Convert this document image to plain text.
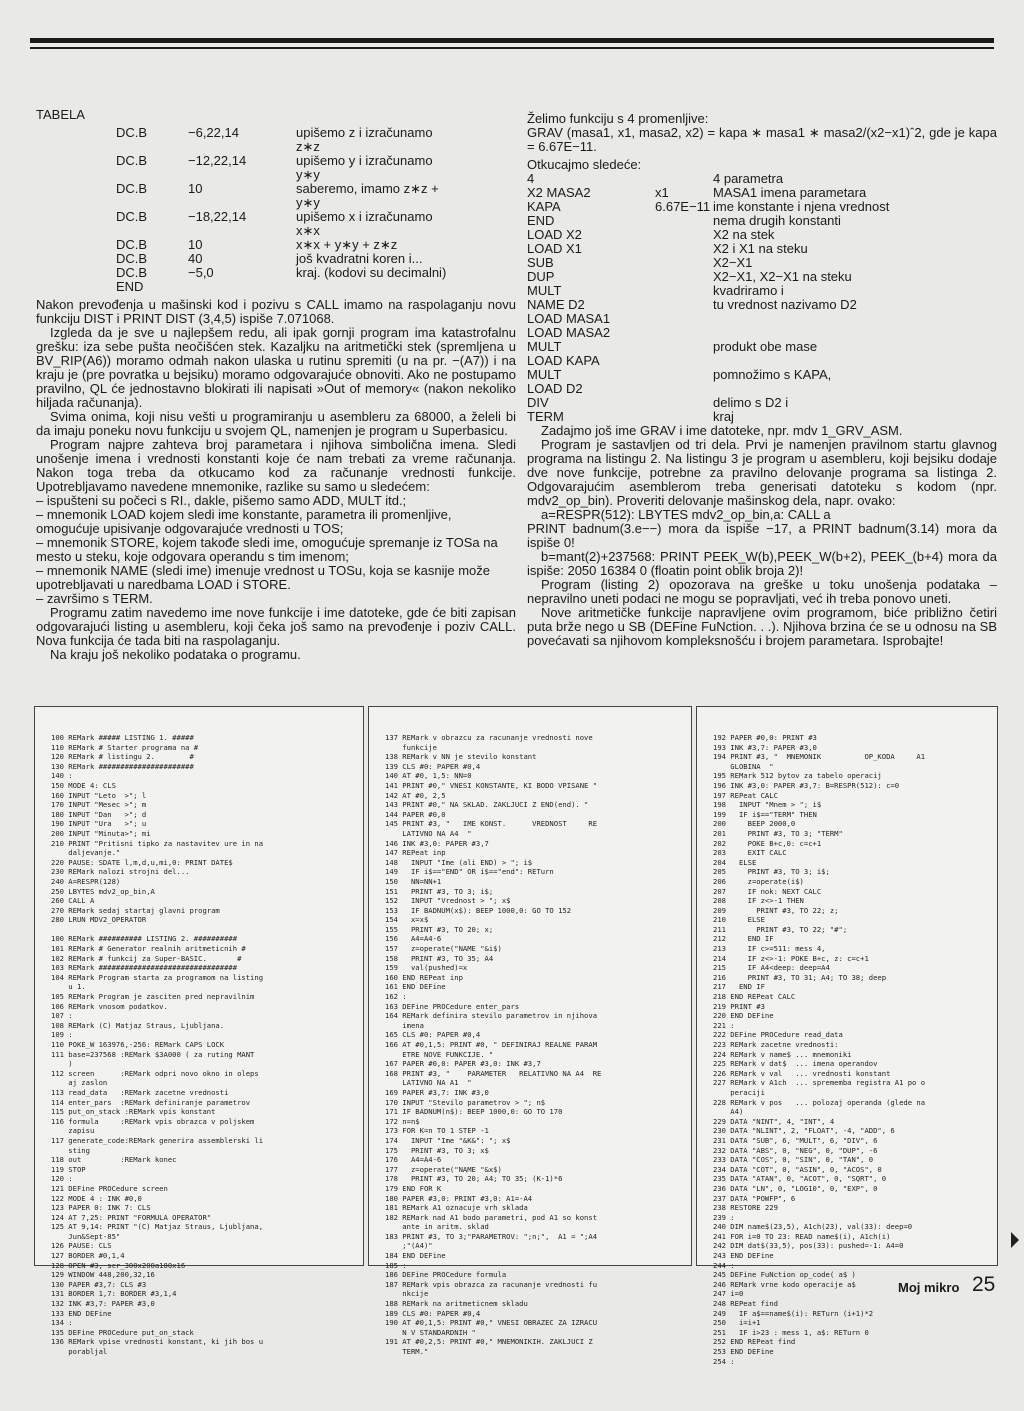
TABELA
DC.B	−6,22,14	upišemo z i izračunamo
z∗z
DC.B	−12,22,14	upišemo y i izračunamo
y∗y
DC.B	10	saberemo, imamo z∗z +
y∗y
DC.B	−18,22,14	upišemo x i izračunamo
x∗x
DC.B	10	x∗x + y∗y + z∗z
DC.B	40	još kvadratni koren i...
DC.B	−5,0	kraj. (kodovi su decimalni)
END

Nakon prevođenja u mašinski kod i pozivu s CALL imamo na raspolaganju novu funkciju DIST i PRINT DIST (3,4,5) ispiše 7.071068.

Izgleda da je sve u najlepšem redu, ali ipak gornji program ima katastrofalnu grešku: iza sebe pušta neočišćen stek. Kazaljku na aritmetički stek (spremljena u BV_RIP(A6)) moramo odmah nakon ulaska u rutinu spremiti (u na pr. −(A7)) i na kraju je (pre povratka u bejsiku) moramo odgovarajuće obnoviti. Ako ne postupamo pravilno, QL će jednostavno blokirati ili napisati »Out of memory« (nakon nekoliko hiljada računanja).

Svima onima, koji nisu vešti u programiranju u asembleru za 68000, a želeli bi da imaju poneku novu funkciju u svojem QL, namenjen je program u Superbasicu.

Program najpre zahteva broj parametara i njihova simbolična imena. Sledi unošenje imena i vrednosti konstanti koje će nam trebati za vreme računanja. Nakon toga treba da otkucamo kod za računanje vrednosti funkcije. Upotrebljavamo navedene mnemonike, razlike su samo u sledećem:

– ispušteni su počeci s RI., dakle, pišemo samo ADD, MULT itd.;
– mnemonik LOAD kojem sledi ime konstante, parametra ili promenljive, omogućuje upisivanje odgovarajuće vrednosti u TOS;
– mnemonik STORE, kojem takođe sledi ime, omogućuje spremanje iz TOSa na mesto u steku, koje odgovara operandu s tim imenom;
– mnemonik NAME (sledi ime) imenuje vrednost u TOSu, koja se kasnije može upotrebljavati u naredbama LOAD i STORE.
– završimo s TERM.

Programu zatim navedemo ime nove funkcije i ime datoteke, gde će biti zapisan odgovarajući listing u asembleru, koji čeka još samo na prevođenje i poziv CALL. Nova funkcija će tada biti na raspolaganju.

Na kraju još nekoliko podataka o programu.

Želimo funkciju s 4 promenljive:

GRAV (masa1, x1, masa2, x2) = kapa ∗ masa1 ∗ masa2/(x2−x1)ˆ2, gde je kapa = 6.67E−11.

Otkucajmo sledeće:

4	4 parametra
X2 MASA2	x1	MASA1 imena parametara
KAPA	6.67E−11 ime konstante i njena vrednost
END	nema drugih konstanti
LOAD X2	X2 na stek
LOAD X1	X2 i X1 na steku
SUB	X2−X1
DUP	X2−X1, X2−X1 na steku
MULT	kvadriramo i
NAME D2	tu vrednost nazivamo D2
LOAD MASA1
LOAD MASA2
MULT	produkt obe mase
LOAD KAPA
MULT	pomnožimo s KAPA,
LOAD D2
DIV	delimo s D2 i
TERM	kraj

Zadajmo još ime GRAV i ime datoteke, npr. mdv 1_GRV_ASM.

Program je sastavljen od tri dela. Prvi je namenjen pravilnom startu glavnog programa na listingu 2. Na listingu 3 je program u asembleru, koji bejsiku dodaje dve nove funkcije, potrebne za pravilno delovanje programa sa listinga 2. Odgovarajućim asemblerom treba generisati datoteku s kodom (npr. mdv2_op_bin). Proveriti delovanje mašinskog dela, napr. ovako:

a=RESPR(512): LBYTES mdv2_op_bin,a: CALL a

PRINT badnum(3.e−−) mora da ispiše −17, a PRINT badnum(3.14) mora da ispiše 0!

b=mant(2)+237568: PRINT PEEK_W(b),PEEK_W(b+2), PEEK_(b+4) mora da ispiše: 2050 16384 0 (floatin point oblik broja 2)!

Program (listing 2) opozorava na greške u toku unošenja podataka – nepravilno uneti podaci ne mogu se popravljati, već ih treba ponovo uneti.

Nove aritmetičke funkcije napravljene ovim programom, biće približno četiri puta brže nego u SB (DEFine FuNction. . .). Njihova brzina će se u odnosu na SB povećavati sa njihovom kompleksnošću i brojem parametara. Isprobajte!

100 REMark ##### LISTING 1. #####
110 REMark # Starter programa na #
120 REMark # listingu 2.        #
130 REMark ######################
140 :
150 MODE 4: CLS
160 INPUT "Leto  >"; l
170 INPUT "Mesec >"; m
180 INPUT "Dan   >"; d
190 INPUT "Ura   >"; u
200 INPUT "Minuta>"; mi
210 PRINT "Pritisni tipko za nastavitev ure in na
daljevanje."
220 PAUSE: SDATE l,m,d,u,mi,0: PRINT DATE$
230 REMark nalozi strojni del...
240 A=RESPR(128)
250 LBYTES mdv2_op_bin,A
260 CALL A
270 REMark sedaj startaj glavni program
280 LRUN MDV2_OPERATOR

100 REMark ########## LISTING 2. ##########
101 REMark # Generator realnih aritmeticnih #
102 REMark # funkcij za Super-BASIC.       #
103 REMark ################################
104 REMark Program starta za programom na listing
u 1.
105 REMark Program je zasciten pred nepravilnim
106 REMark vnosom podatkov.
107 :
108 REMark (C) Matjaz Straus, Ljubljana.
109 :
110 POKE_W 163976,-256: REMark CAPS LOCK
111 base=237568 :REMark $3A000 ( za ruting MANT
)
112 screen      :REMark odpri novo okno in oleps
aj zaslon
113 read_data   :REMark zacetne vrednosti
114 enter_pars  :REMark definiranje parametrov
115 put_on_stack :REMark vpis konstant
116 formula     :REMark vpis obrazca v poljskem
zapisu
117 generate_code:REMark generira assemblerski li
sting
118 out         :REMark konec
119 STOP
120 :
121 DEFine PROCedure screen
122 MODE 4 : INK #0,0
123 PAPER 0: INK 7: CLS
124 AT 7,25: PRINT "FORMULA OPERATOR"
125 AT 9,14: PRINT "(C) Matjaz Straus, Ljubljana,
Jun&Sept-85"
126 PAUSE: CLS
127 BORDER #0,1,4
128 OPEN #3, scr_300x200a180x16
129 WINDOW 448,200,32,16
130 PAPER #3,7: CLS #3
131 BORDER 1,7: BORDER #3,1,4
132 INK #3,7: PAPER #3,0
133 END DEFine
134 :
135 DEFine PROCedure put_on_stack
136 REMark vpise vrednosti konstant, ki jih bos u
porabljal
137 REMark v obrazcu za racunanje vrednosti nove
funkcije
138 REMark v NN je stevilo konstant
139 CLS #0: PAPER #0,4
140 AT #0, 1,5: NN=0
141 PRINT #0," VNESI KONSTANTE, KI BODO VPISANE "
142 AT #0, 2,5
143 PRINT #0," NA SKLAD. ZAKLJUCI Z END(end). "
144 PAPER #0,0
145 PRINT #3, "   IME KONST.      VREDNOST     RE
LATIVNO NA A4  "
146 INK #3,0: PAPER #3,7
147 REPeat inp
148   INPUT "Ime (ali END) > "; i$
149   IF i$=="END" OR i$=="end": RETurn
150   NN=NN+1
151   PRINT #3, TO 3; i$;
152   INPUT "Vrednost > "; x$
153   IF BADNUM(x$): BEEP 1000,0: GO TO 152
154   x=x$
155   PRINT #3, TO 20; x;
156   A4=A4-6
157   z=operate("NAME "&i$)
158   PRINT #3, TO 35; A4
159   val(pushed)=x
160 END REPeat inp
161 END DEFine
162 :
163 DEFine PROCedure enter_pars
164 REMark definira stevilo parametrov in njihova
imena
165 CLS #0: PAPER #0,4
166 AT #0,1,5: PRINT #0, " DEFINIRAJ REALNE PARAM
ETRE NOVE FUNKCIJE. "
167 PAPER #0,0: PAPER #3,0: INK #3,7
168 PRINT #3, "    PARAMETER   RELATIVNO NA A4  RE
LATIVNO NA A1  "
169 PAPER #3,7: INK #3,0
170 INPUT "Stevilo parametrov > "; n$
171 IF BADNUM(n$): BEEP 1000,0: GO TO 170
172 n=n$
173 FOR K=n TO 1 STEP -1
174   INPUT "Ime "&K&": "; x$
175   PRINT #3, TO 3; x$
176   A4=A4-6
177   z=operate("NAME "&x$)
178   PRINT #3, TO 20; A4; TO 35; (K-1)*6
179 END FOR K
180 PAPER #3,0: PRINT #3,0: A1=-A4
181 REMark A1 oznacuje vrh sklada
182 REMark nad A1 bodo parametri, pod A1 so konst
ante in aritm. sklad
183 PRINT #3, TO 3;"PARAMETROV: ";n;",  A1 = ";A4
;"(A4)"
184 END DEFine
185 :
186 DEFine PROCedure formula
187 REMark vpis obrazca za racunanje vrednosti fu
nkcije
188 REMark na aritmeticnem skladu
189 CLS #0: PAPER #0,4
190 AT #0,1,5: PRINT #0," VNESI OBRAZEC ZA IZRACU
N V STANDARDNIH "
191 AT #0,2,5: PRINT #0," MNEMONIKIH. ZAKLJUCI Z
TERM."
192 PAPER #0,0: PRINT #3
193 INK #3,7: PAPER #3,0
194 PRINT #3, "  MNEMONIK          OP_KODA     A1
GLOBINA  "
195 REMark 512 bytov za tabelo operacij
196 INK #3,0: PAPER #3,7: B=RESPR(512): c=0
197 REPeat CALC
198   INPUT "Mnem > "; i$
199   IF i$=="TERM" THEN
200     BEEP 2000,0
201     PRINT #3, TO 3; "TERM"
202     POKE B+c,0: c=c+1
203     EXIT CALC
204   ELSE
205     PRINT #3, TO 3; i$;
206     z=operate(i$)
207     IF nok: NEXT CALC
208     IF z<>-1 THEN
209       PRINT #3, TO 22; z;
210     ELSE
211       PRINT #3, TO 22; "#";
212     END IF
213     IF c>=511: mess 4,
214     IF z<>-1: POKE B+c, z: c=c+1
215     IF A4<deep: deep=A4
216     PRINT #3, TO 31; A4; TO 38; deep
217   END IF
218 END REPeat CALC
219 PRINT #3
220 END DEFine
221 :
222 DEFine PROCedure read_data
223 REMark zacetne vrednosti:
224 REMark v name$ ... mnemoniki
225 REMark v dat$  ... imena operandov
226 REMark v val   ... vrednosti konstant
227 REMark v A1ch  ... sprememba registra A1 po o
peraciji
228 REMark v pos   ... polozaj operanda (glede na
A4)
229 DATA "NINT", 4, "INT", 4
230 DATA "NLINT", 2, "FLOAT", -4, "ADD", 6
231 DATA "SUB", 6, "MULT", 6, "DIV", 6
232 DATA "ABS", 0, "NEG", 0, "DUP", -6
233 DATA "COS", 0, "SIN", 0, "TAN", 0
234 DATA "COT", 0, "ASIN", 0, "ACOS", 0
235 DATA "ATAN", 0, "ACOT", 0, "SQRT", 0
236 DATA "LN", 0, "LOG10", 0, "EXP", 0
237 DATA "POWFP", 6
238 RESTORE 229
239 :
240 DIM name$(23,5), A1ch(23), val(33): deep=0
241 FOR i=0 TO 23: READ name$(i), A1ch(i)
242 DIM dat$(33,5), pos(33): pushed=-1: A4=0
243 END DEFine
244 :
245 DEFine FuNction op_code( a$ )
246 REMark vrne kodo operacije a$
247 i=0
248 REPeat find
249   IF a$==name$(i): RETurn (i+1)*2
250   i=i+1
251   IF i>23 : mess 1, a$: RETurn 0
252 END REPeat find
253 END DEFine
254 :
Moj mikro 25
